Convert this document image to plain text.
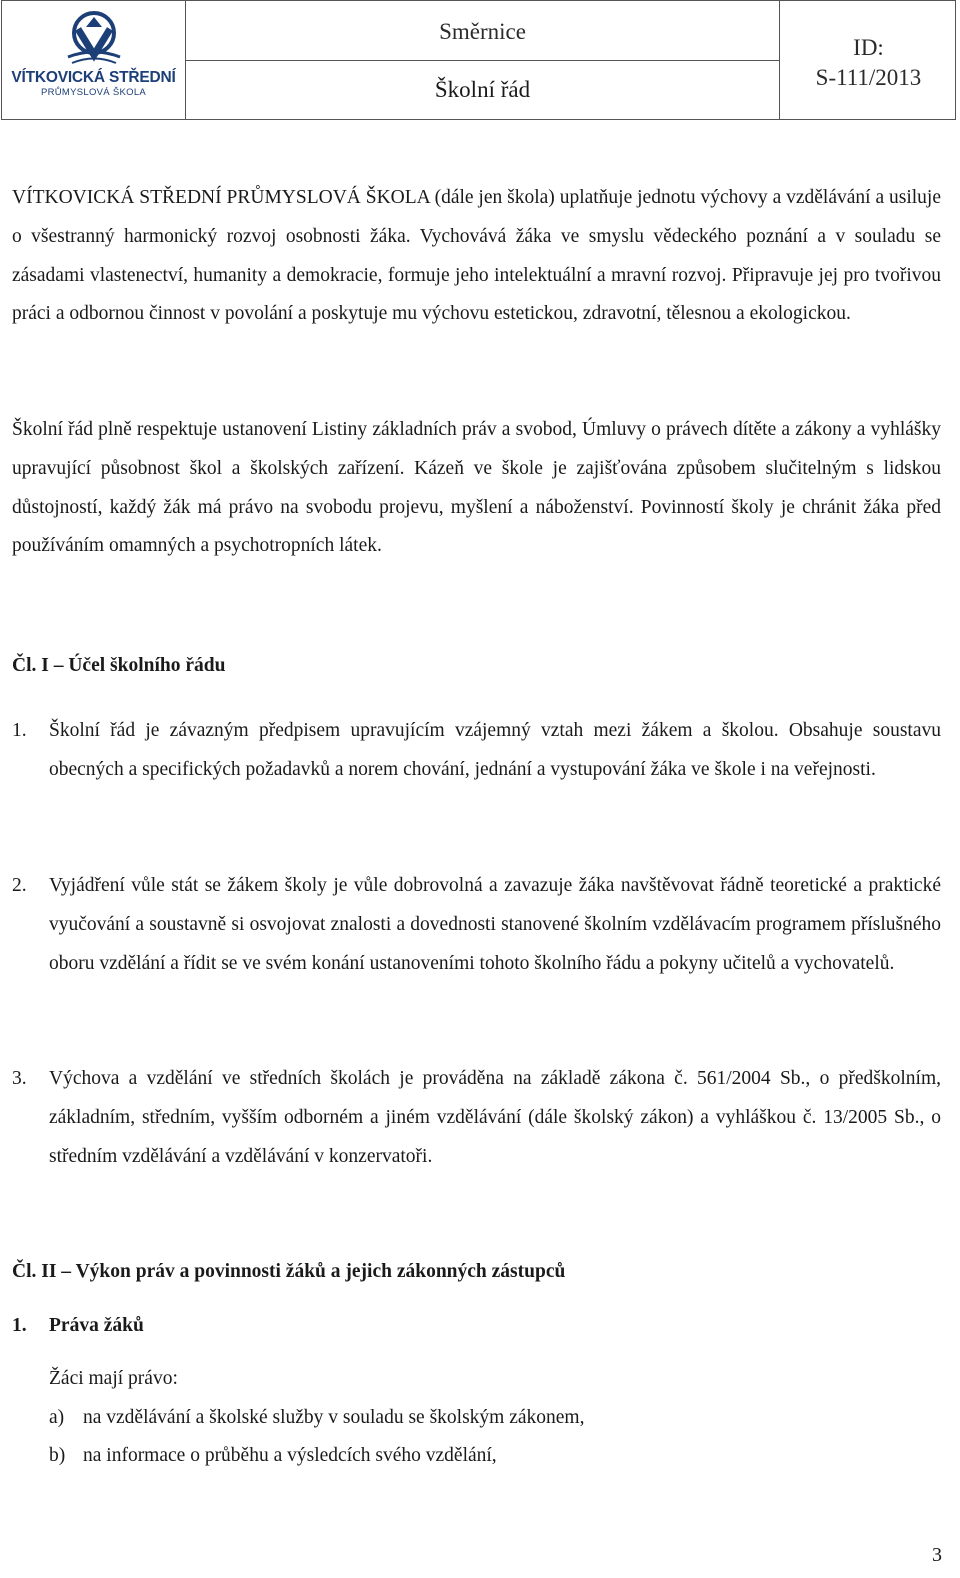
VÍTKOVICKÁ STŘEDNÍ
PRŮMYSLOVÁ ŠKOLA
Směrnice
Školní řád
ID:
S-111/2013

VÍTKOVICKÁ STŘEDNÍ PRŮMYSLOVÁ ŠKOLA (dále jen škola) uplatňuje jednotu výchovy a vzdělávání a usiluje o všestranný harmonický rozvoj osobnosti žáka. Vychovává žáka ve smyslu vědeckého poznání a v souladu se zásadami vlastenectví, humanity a demokracie, formuje jeho intelektuální a mravní rozvoj. Připravuje jej pro tvořivou práci a odbornou činnost v povolání a poskytuje mu výchovu estetickou, zdravotní, tělesnou a ekologickou.

Školní řád plně respektuje ustanovení Listiny základních práv a svobod, Úmluvy o právech dítěte a zákony a vyhlášky upravující působnost škol a školských zařízení. Kázeň ve škole je zajišťována způsobem slučitelným s lidskou důstojností, každý žák má právo na svobodu projevu, myšlení a náboženství. Povinností školy je chránit žáka před používáním omamných a psychotropních látek.

Čl. I – Účel školního řádu
1. Školní řád je závazným předpisem upravujícím vzájemný vztah mezi žákem a školou. Obsahuje soustavu obecných a specifických požadavků a norem chování, jednání a vystupování žáka ve škole i na veřejnosti.

2. Vyjádření vůle stát se žákem školy je vůle dobrovolná a zavazuje žáka navštěvovat řádně teoretické a praktické vyučování a soustavně si osvojovat znalosti a dovednosti stanovené školním vzdělávacím programem příslušného oboru vzdělání a řídit se ve svém konání ustanoveními tohoto školního řádu a pokyny učitelů a vychovatelů.

3. Výchova a vzdělání ve středních školách je prováděna na základě zákona č. 561/2004 Sb., o předškolním, základním, středním, vyšším odborném a jiném vzdělávání (dále školský zákon) a vyhláškou č. 13/2005 Sb., o středním vzdělávání a vzdělávání v konzervatoři.

Čl. II – Výkon práv a povinnosti žáků a jejich zákonných zástupců
1. Práva žáků
Žáci mají právo:
a) na vzdělávání a školské služby v souladu se školským zákonem,
b) na informace o průběhu a výsledcích svého vzdělání,
3
